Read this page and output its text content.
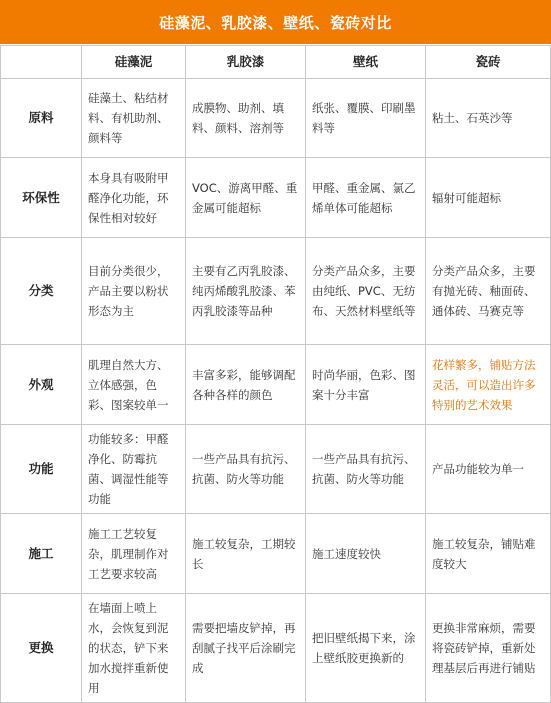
硅藻泥、乳胶漆、壁纸、瓷砖对比
	硅藻泥	乳胶漆	壁纸	瓷砖
原料	硅藻土、粘结材料、有机助剂、颜料等	成膜物、助剂、填料、颜料、溶剂等	纸张、覆膜、印刷墨料等	粘土、石英沙等
环保性	本身具有吸附甲醛净化功能，环保性相对较好	VOC、游离甲醛、重金属可能超标	甲醛、重金属、氯乙烯单体可能超标	辐射可能超标
分类	目前分类很少，产品主要以粉状形态为主	主要有乙丙乳胶漆、纯丙烯酸乳胶漆、苯丙乳胶漆等品种	分类产品众多，主要由纯纸、PVC、无纺布、天然材料壁纸等	分类产品众多，主要有抛光砖、釉面砖、通体砖、马赛克等
外观	肌理自然大方、立体感强，色彩、图案较单一	丰富多彩，能够调配各种各样的颜色	时尚华丽，色彩、图案十分丰富	花样繁多，铺贴方法灵活，可以造出许多特别的艺术效果
功能	功能较多：甲醛净化、防霉抗菌、调湿性能等功能	一些产品具有抗污、抗菌、防火等功能	一些产品具有抗污、抗菌、防火等功能	产品功能较为单一
施工	施工工艺较复杂，肌理制作对工艺要求较高	施工较复杂，工期较长	施工速度较快	施工较复杂，铺贴难度较大
更换	在墙面上喷上水，会恢复到泥的状态，铲下来加水搅拌重新使用	需要把墙皮铲掉，再刮腻子找平后涂刷完成	把旧壁纸揭下来，涂上壁纸胶更换新的	更换非常麻烦，需要将瓷砖铲掉，重新处理基层后再进行铺贴
